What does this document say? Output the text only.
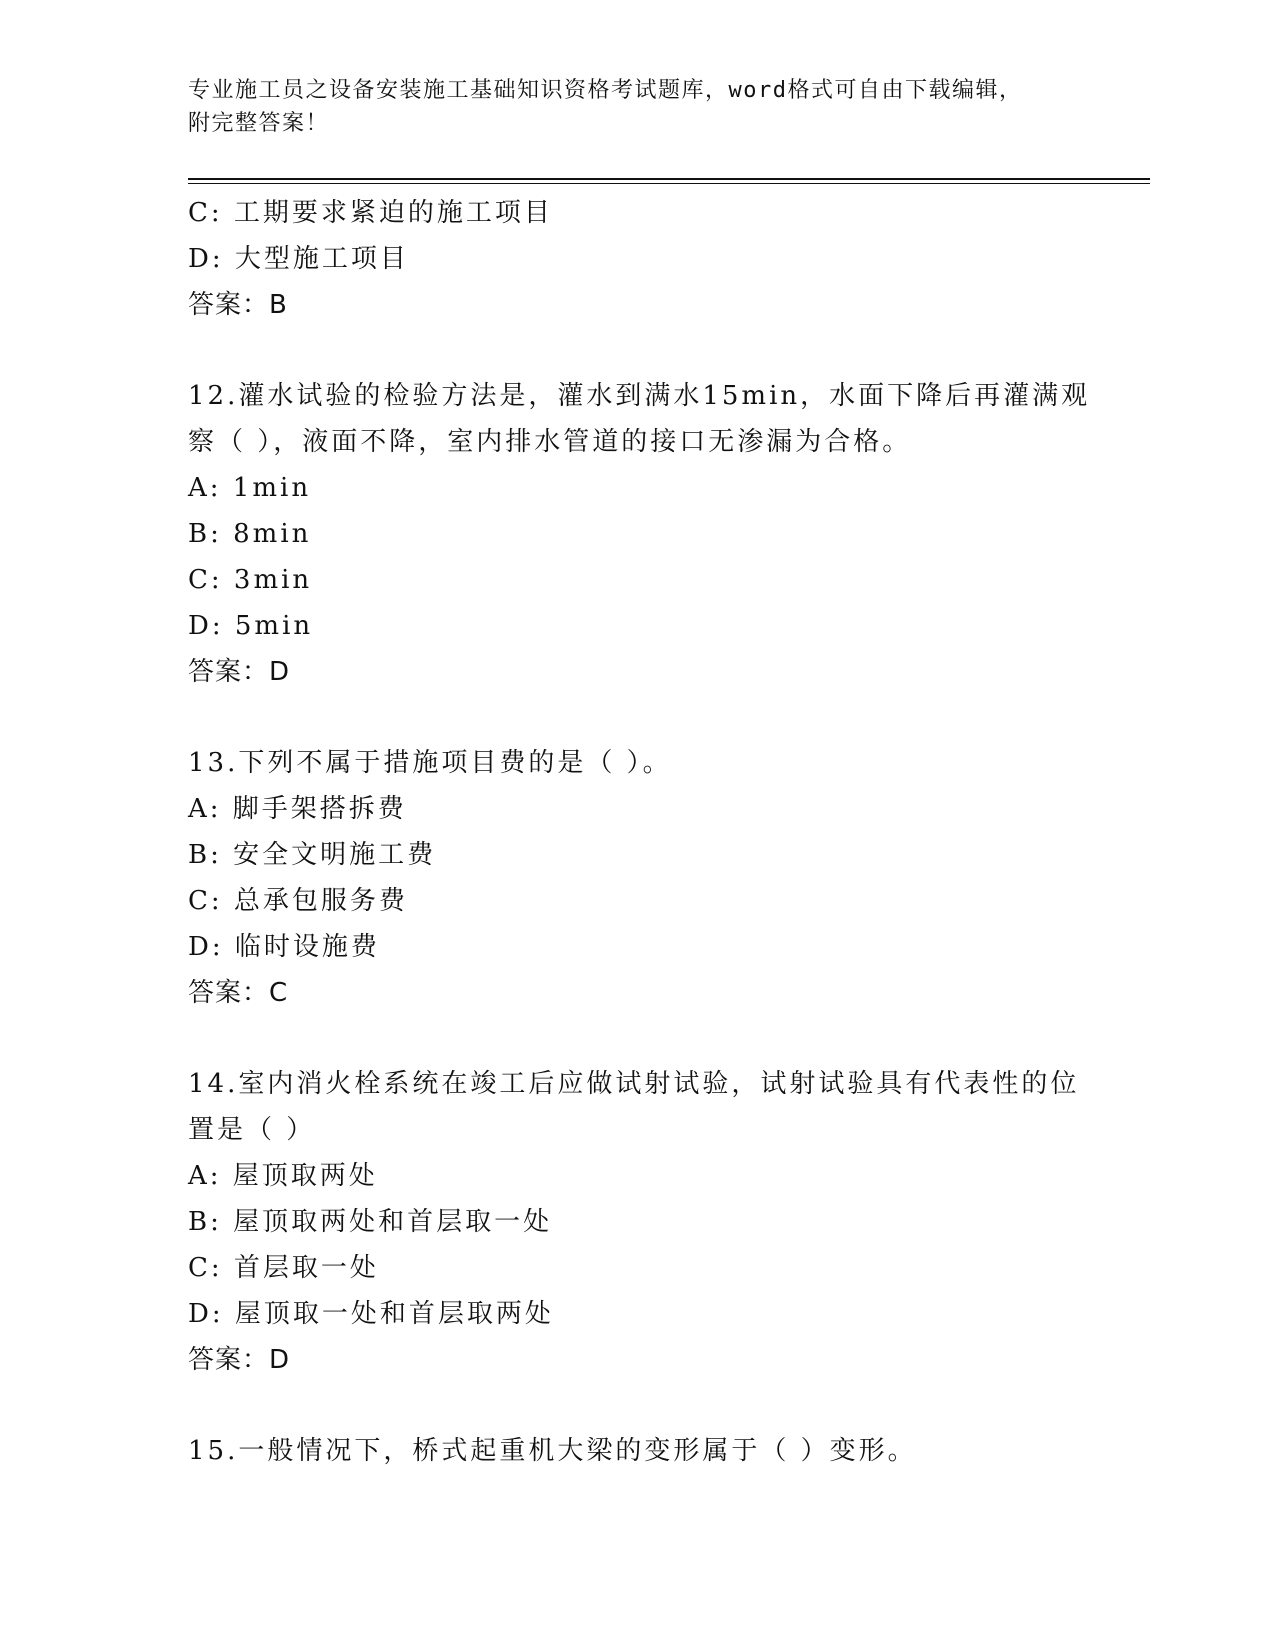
专业施工员之设备安装施工基础知识资格考试题库，word格式可自由下载编辑，
附完整答案！
C: 工期要求紧迫的施工项目
D: 大型施工项目
答案：B
12.灌水试验的检验方法是，灌水到满水15min，水面下降后再灌满观
察（ ），液面不降，室内排水管道的接口无渗漏为合格。
A: 1min
B: 8min
C: 3min
D: 5min
答案：D
13.下列不属于措施项目费的是（ ）。
A: 脚手架搭拆费
B: 安全文明施工费
C: 总承包服务费
D: 临时设施费
答案：C
14.室内消火栓系统在竣工后应做试射试验，试射试验具有代表性的位
置是（ ）
A: 屋顶取两处
B: 屋顶取两处和首层取一处
C: 首层取一处
D: 屋顶取一处和首层取两处
答案：D
15.一般情况下，桥式起重机大梁的变形属于（ ）变形。
